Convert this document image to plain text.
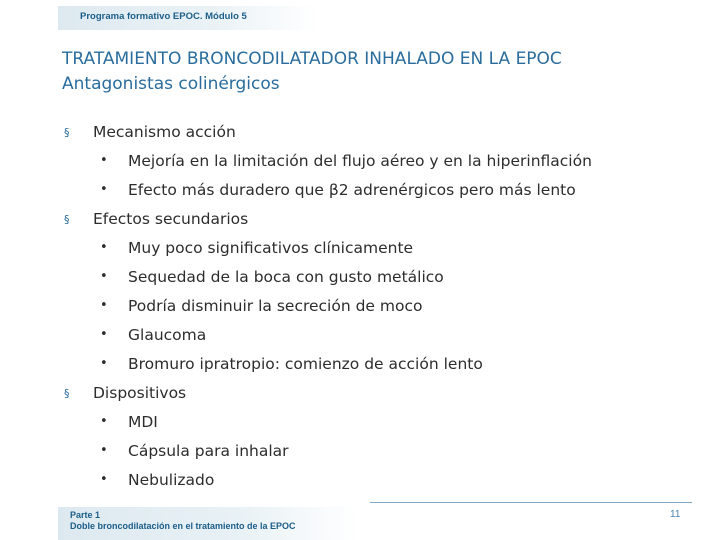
Programa formativo EPOC. Módulo 5
TRATAMIENTO BRONCODILATADOR INHALADO EN LA EPOC
Antagonistas colinérgicos
§ Mecanismo acción
• Mejoría en la limitación del flujo aéreo y en la hiperinflación
• Efecto más duradero que β2 adrenérgicos pero más lento
§ Efectos secundarios
• Muy poco significativos clínicamente
• Sequedad de la boca con gusto metálico
• Podría disminuir la secreción de moco
• Glaucoma
• Bromuro ipratropio: comienzo de acción lento
§ Dispositivos
• MDI
• Cápsula para inhalar
• Nebulizado
Parte 1
Doble broncodilatación en el tratamiento de la EPOC
11
